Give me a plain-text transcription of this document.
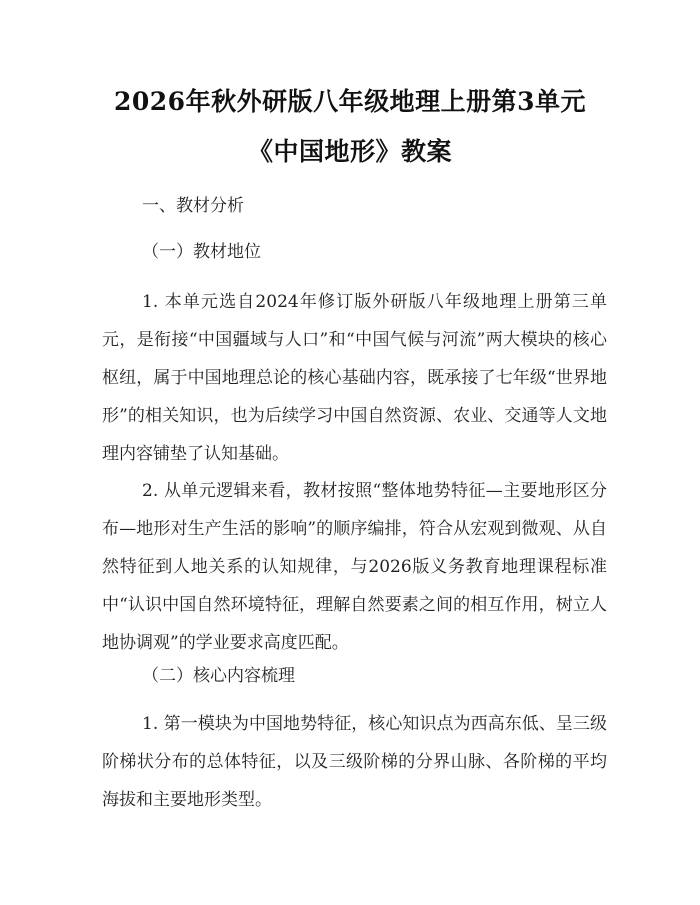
2026年秋外研版八年级地理上册第3单元
《中国地形》教案
一、教材分析
（一）教材地位
1. 本单元选自2024年修订版外研版八年级地理上册第三单元，是衔接“中国疆域与人口”和“中国气候与河流”两大模块的核心枢纽，属于中国地理总论的核心基础内容，既承接了七年级“世界地形”的相关知识，也为后续学习中国自然资源、农业、交通等人文地理内容铺垫了认知基础。
2. 从单元逻辑来看，教材按照“整体地势特征—主要地形区分布—地形对生产生活的影响”的顺序编排，符合从宏观到微观、从自然特征到人地关系的认知规律，与2026版义务教育地理课程标准中“认识中国自然环境特征，理解自然要素之间的相互作用，树立人地协调观”的学业要求高度匹配。
（二）核心内容梳理
1. 第一模块为中国地势特征，核心知识点为西高东低、呈三级阶梯状分布的总体特征，以及三级阶梯的分界山脉、各阶梯的平均海拔和主要地形类型。
